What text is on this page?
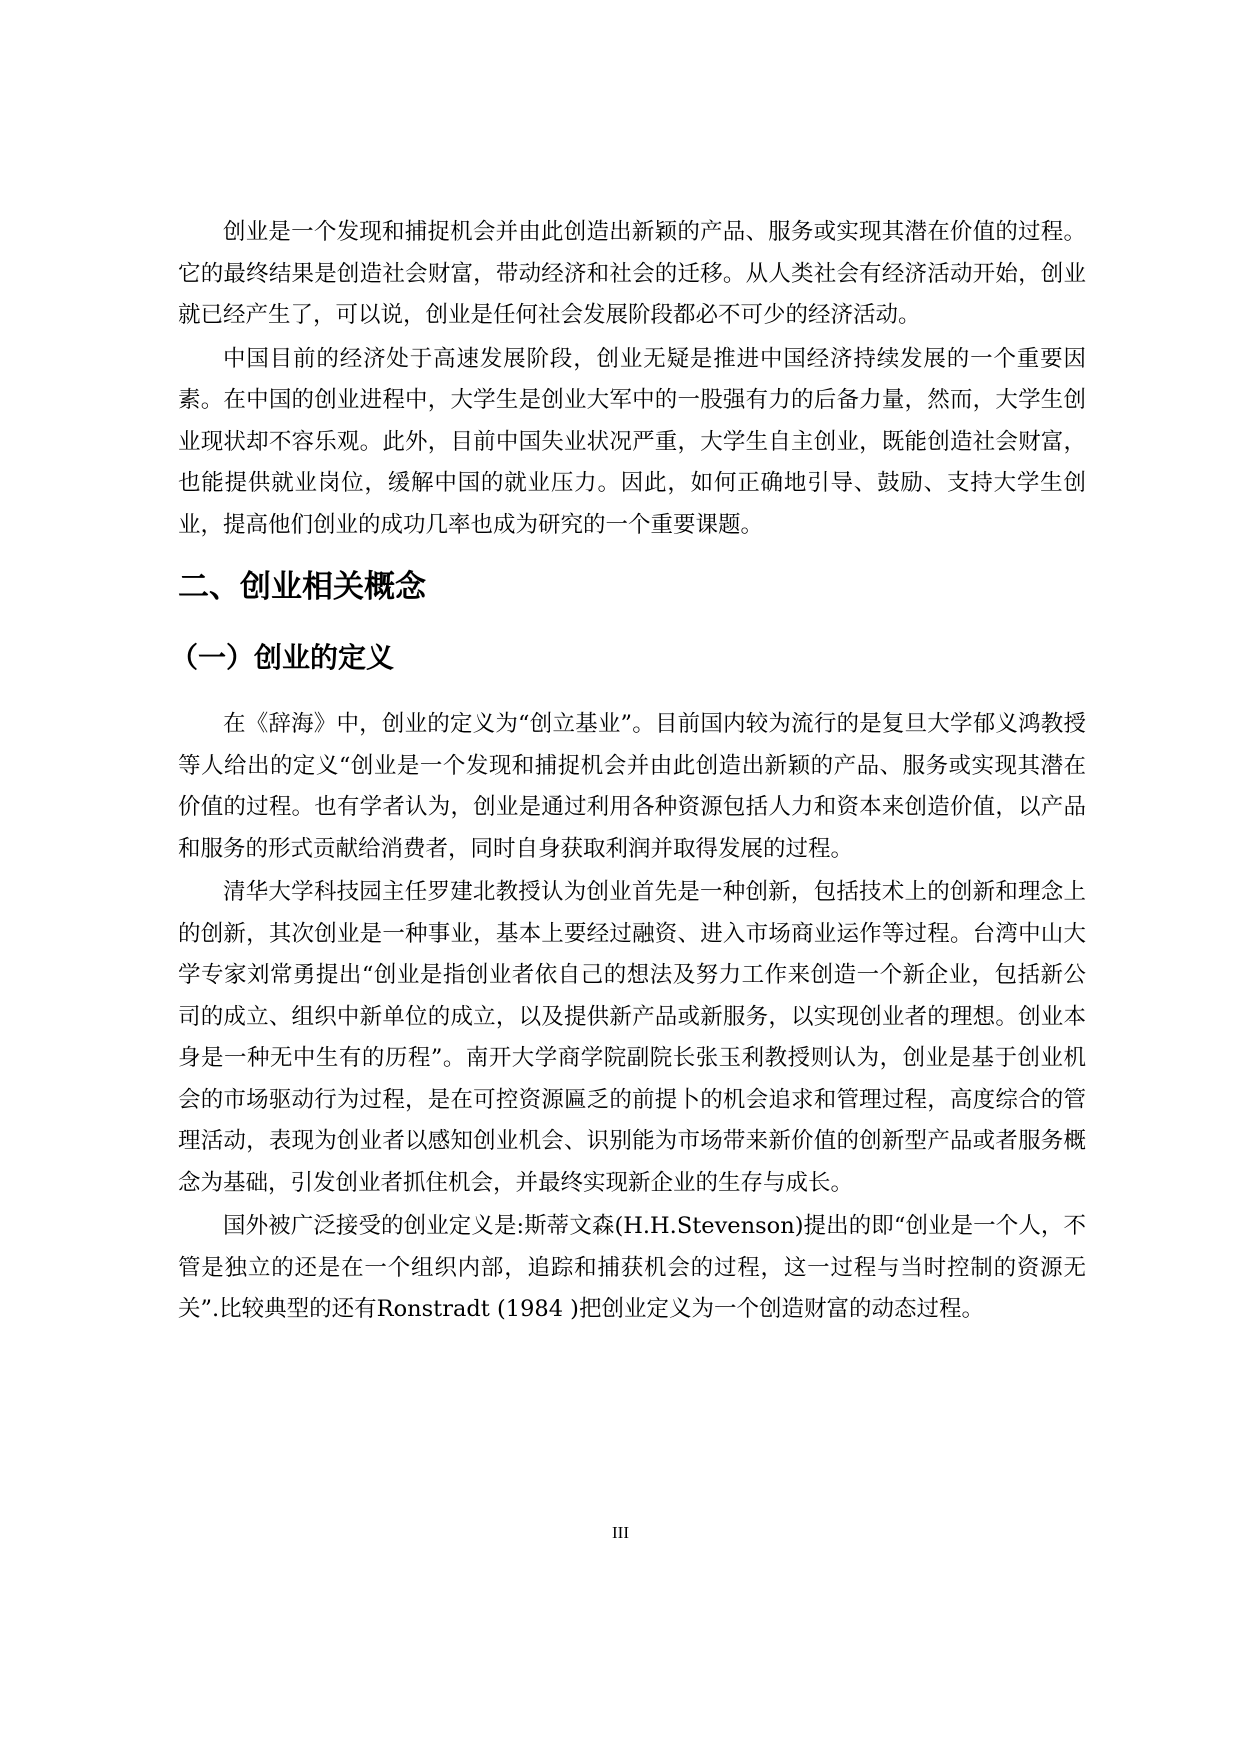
创业是一个发现和捕捉机会并由此创造出新颖的产品、服务或实现其潜在价值的过程。它的最终结果是创造社会财富，带动经济和社会的迁移。从人类社会有经济活动开始，创业就已经产生了，可以说，创业是任何社会发展阶段都必不可少的经济活动。

中国目前的经济处于高速发展阶段，创业无疑是推进中国经济持续发展的一个重要因素。在中国的创业进程中，大学生是创业大军中的一股强有力的后备力量，然而，大学生创业现状却不容乐观。此外，目前中国失业状况严重，大学生自主创业，既能创造社会财富，也能提供就业岗位，缓解中国的就业压力。因此，如何正确地引导、鼓励、支持大学生创业，提高他们创业的成功几率也成为研究的一个重要课题。

二、创业相关概念
（一）创业的定义

在《辞海》中，创业的定义为“创立基业”。目前国内较为流行的是复旦大学郁义鸿教授等人给出的定义“创业是一个发现和捕捉机会并由此创造出新颖的产品、服务或实现其潜在价值的过程。也有学者认为，创业是通过利用各种资源包括人力和资本来创造价值，以产品和服务的形式贡献给消费者，同时自身获取利润并取得发展的过程。

清华大学科技园主任罗建北教授认为创业首先是一种创新，包括技术上的创新和理念上的创新，其次创业是一种事业，基本上要经过融资、进入市场商业运作等过程。台湾中山大学专家刘常勇提出“创业是指创业者依自己的想法及努力工作来创造一个新企业，包括新公司的成立、组织中新单位的成立，以及提供新产品或新服务，以实现创业者的理想。创业本身是一种无中生有的历程”。南开大学商学院副院长张玉利教授则认为，创业是基于创业机会的市场驱动行为过程，是在可控资源匾乏的前提卜的机会追求和管理过程，高度综合的管理活动，表现为创业者以感知创业机会、识别能为市场带来新价值的创新型产品或者服务概念为基础，引发创业者抓住机会，并最终实现新企业的生存与成长。

国外被广泛接受的创业定义是:斯蒂文森(H.H.Stevenson)提出的即“创业是一个人，不管是独立的还是在一个组织内部，追踪和捕获机会的过程，这一过程与当时控制的资源无关”.比较典型的还有Ronstradt (1984 )把创业定义为一个创造财富的动态过程。

III
